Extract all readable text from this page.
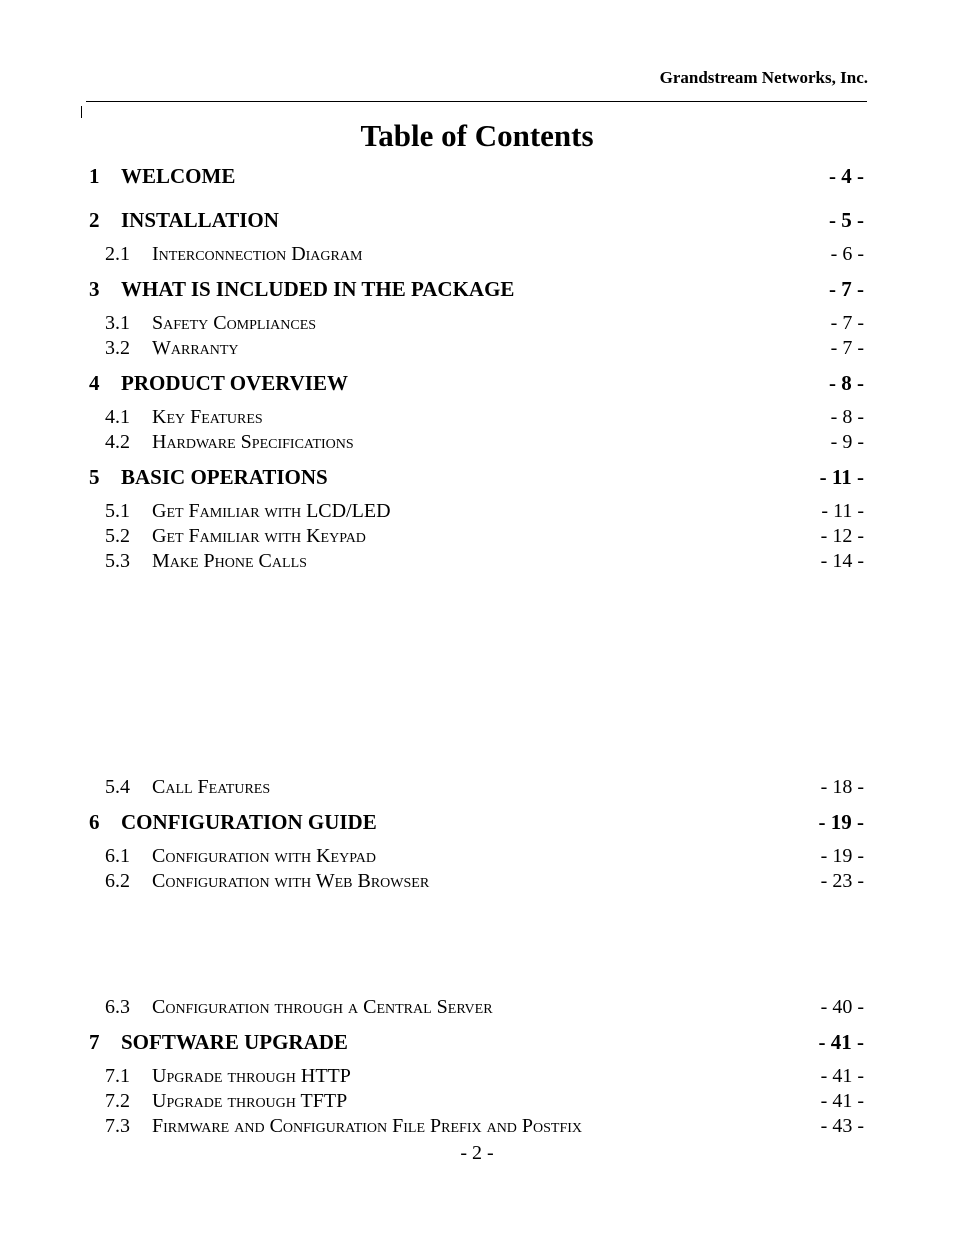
Grandstream Networks, Inc.
Table of Contents
1 WELCOME	- 4 -
2 INSTALLATION	- 5 -
2.1 Interconnection Diagram	- 6 -
3 WHAT IS INCLUDED IN THE PACKAGE	- 7 -
3.1 Safety Compliances	- 7 -
3.2 Warranty	- 7 -
4 PRODUCT OVERVIEW	- 8 -
4.1 Key Features	- 8 -
4.2 Hardware Specifications	- 9 -
5 BASIC OPERATIONS	- 11 -
5.1 Get Familiar with LCD/LED	- 11 -
5.2 Get Familiar with Keypad	- 12 -
5.3 Make Phone Calls	- 14 -
5.4 Call Features	- 18 -
6 CONFIGURATION GUIDE	- 19 -
6.1 Configuration with Keypad	- 19 -
6.2 Configuration with Web Browser	- 23 -
6.3 Configuration through a Central Server	- 40 -
7 SOFTWARE UPGRADE	- 41 -
7.1 Upgrade through HTTP	- 41 -
7.2 Upgrade through TFTP	- 41 -
7.3 Firmware and Configuration File Prefix and Postfix	- 43 -
- 2 -
